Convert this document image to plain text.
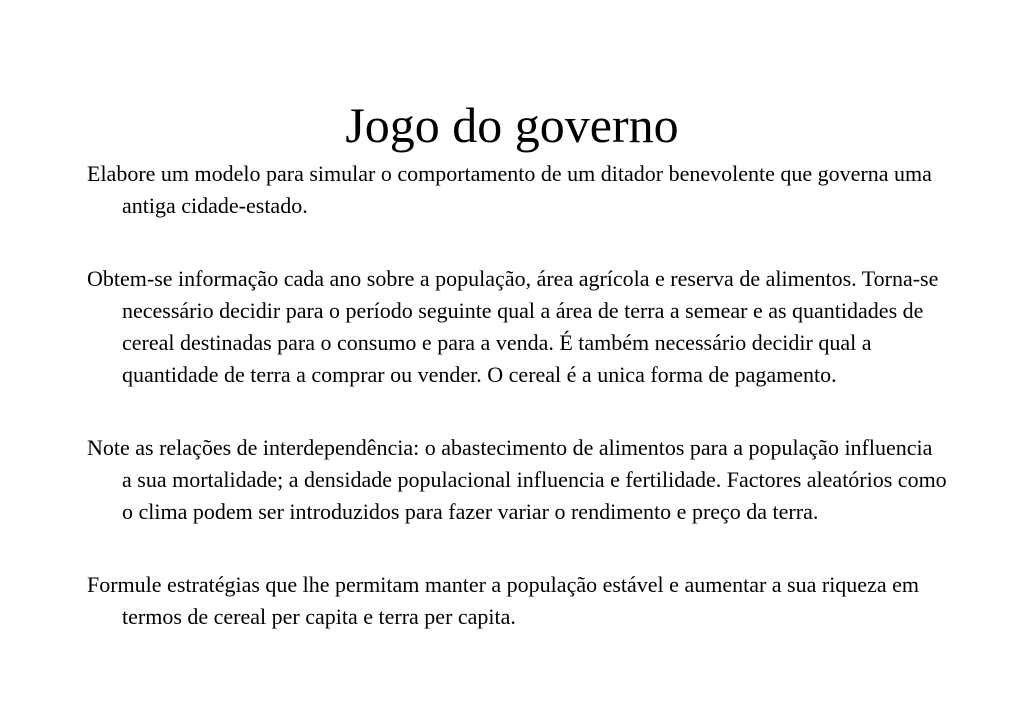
Jogo do governo
Elabore um modelo para simular o comportamento de um ditador benevolente que governa uma antiga cidade-estado.
Obtem-se informação cada ano sobre a população, área agrícola e reserva de alimentos. Torna-se necessário decidir para o período seguinte qual a área de terra a semear e as quantidades de cereal destinadas para o consumo e para a venda. É também necessário decidir qual a quantidade de terra a comprar ou vender. O cereal é a unica forma de pagamento.
Note as relações de interdependência: o abastecimento de alimentos para a população influencia a sua mortalidade; a densidade populacional influencia e fertilidade. Factores aleatórios como o clima podem ser introduzidos para fazer variar o rendimento e preço da terra.
Formule estratégias que lhe permitam manter a população estável e aumentar a sua riqueza em termos de cereal per capita e terra per capita.
